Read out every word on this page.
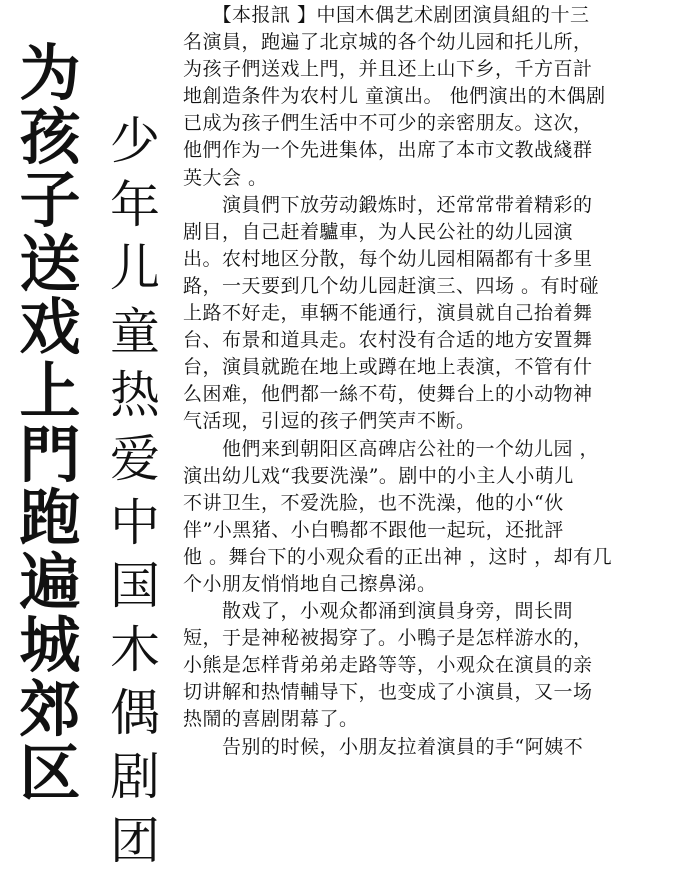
为孩子送戏上門跑遍城郊区
少年儿童热爱中国木偶剧团
　　【本报訊 】中国木偶艺术剧团演員組的十三
名演員，跑遍了北京城的各个幼儿园和托儿所，
为孩子們送戏上門，并且还上山下乡，千方百計
地創造条件为农村儿 童演出。 他們演出的木偶剧
已成为孩子們生活中不可少的亲密朋友。这次，
他們作为一个先进集体，出席了本市文教战綫群
英大会 。
　　演員們下放劳动鍛炼时，还常常带着精彩的
剧目，自己赶着驢車，为人民公社的幼儿园演
出。农村地区分散，每个幼儿园相隔都有十多里
路，一天要到几个幼儿园赶演三、四场 。有时碰
上路不好走，車辆不能通行，演員就自己抬着舞
台、布景和道具走。农村没有合适的地方安置舞
台，演員就跪在地上或蹲在地上表演，不管有什
么困难，他們都一絲不苟，使舞台上的小动物神
气活现，引逗的孩子們笑声不断。
　　他們来到朝阳区高碑店公社的一个幼儿园 ，
演出幼儿戏“我要洗澡”。剧中的小主人小萌儿
不讲卫生，不爱洗脸，也不洗澡，他的小“伙
伴”小黑猪、小白鴨都不跟他一起玩，还批評
他 。舞台下的小观众看的正出神 ，这时 ，却有几
个小朋友悄悄地自己擦鼻涕。
　　散戏了，小观众都涌到演員身旁，問长問
短，于是神秘被揭穿了。小鴨子是怎样游水的，
小熊是怎样背弟弟走路等等，小观众在演員的亲
切讲解和热情輔导下，也变成了小演員，又一场
热鬧的喜剧閉幕了。
　　告别的时候，小朋友拉着演員的手“阿姨不
